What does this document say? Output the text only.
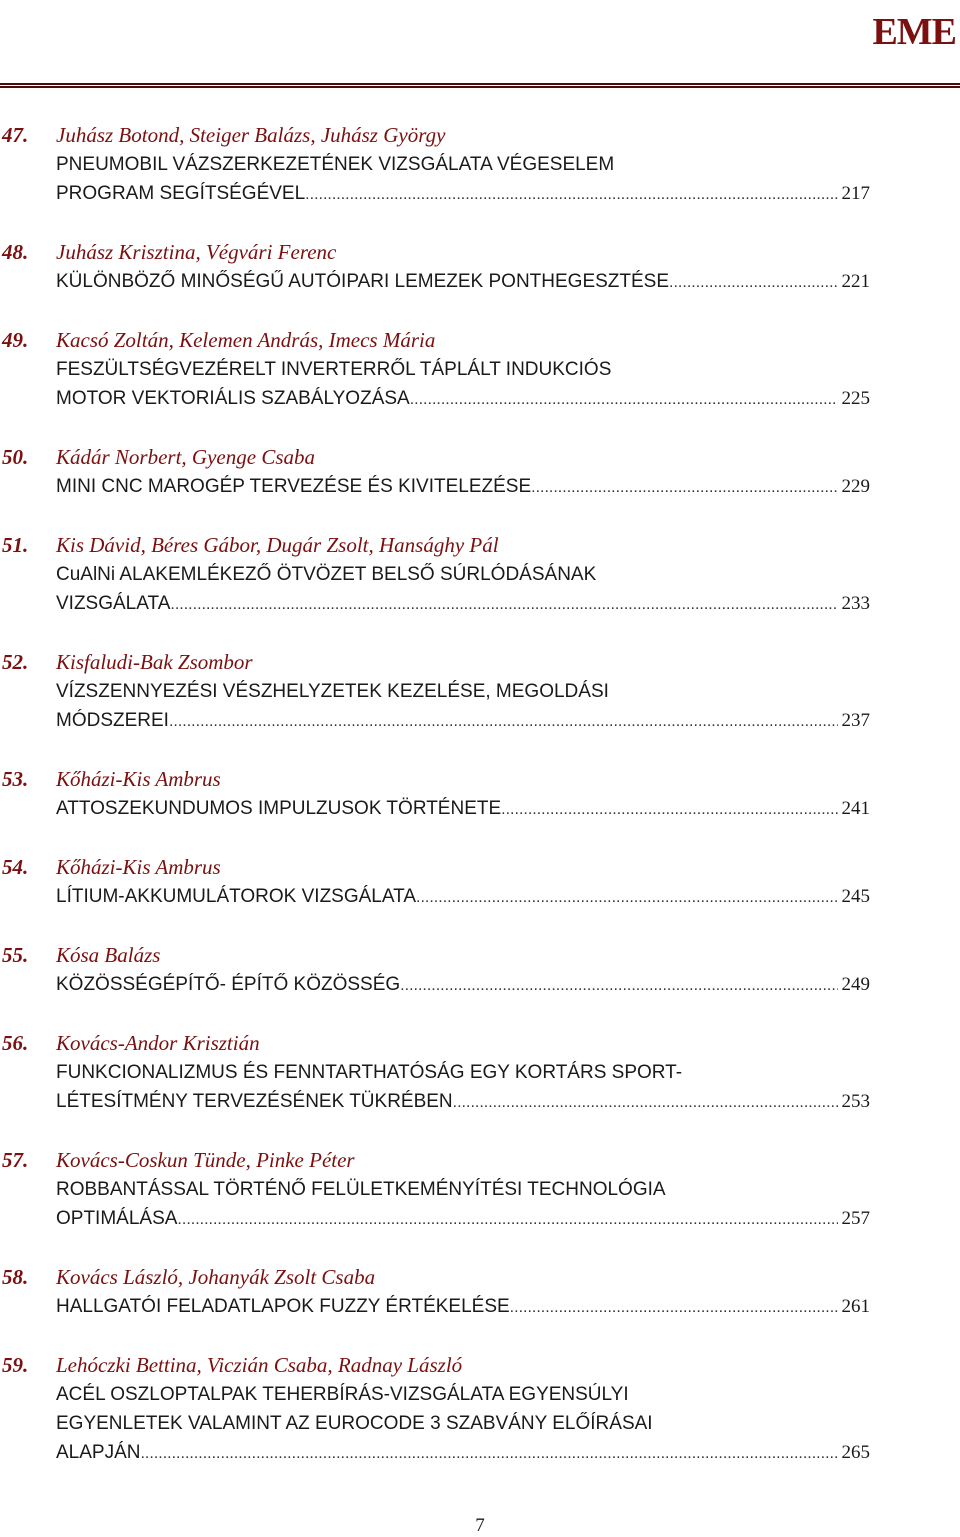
EME
47. Juhász Botond, Steiger Balázs, Juhász György
PNEUMOBIL VÁZSZERKEZETÉNEK VIZSGÁLATA VÉGESELEM
PROGRAM SEGÍTSÉGÉVEL .....	217
48. Juhász Krisztina, Végvári Ferenc
KÜLÖNBÖZŐ MINŐSÉGŰ AUTÓIPARI LEMEZEK PONTHEGESZTÉSE .....	221
49. Kacsó Zoltán, Kelemen András, Imecs Mária
FESZÜLTSÉGVEZÉRELT INVERTERRŐL TÁPLÁLT INDUKCIÓS
MOTOR VEKTORIÁLIS SZABÁLYOZÁSA .....	225
50. Kádár Norbert, Gyenge Csaba
MINI CNC MAROGÉP TERVEZÉSE ÉS KIVITELEZÉSE .....	229
51. Kis Dávid, Béres Gábor, Dugár Zsolt, Hansághy Pál
CuAlNi ALAKEMLÉKEZŐ ÖTVÖZET BELSŐ SÚRLÓDÁSÁNAK
VIZSGÁLATA .....	233
52. Kisfaludi-Bak Zsombor
VÍZSZENNYEZÉSI VÉSZHELYZETEK KEZELÉSE, MEGOLDÁSI
MÓDSZEREI .....	237
53. Kőházi-Kis Ambrus
ATTOSZEKUNDUMOS IMPULZUSOK TÖRTÉNETE .....	241
54. Kőházi-Kis Ambrus
LÍTIUM-AKKUMULÁTOROK VIZSGÁLATA .....	245
55. Kósa Balázs
KÖZÖSSÉGÉPÍTŐ- ÉPÍTŐ KÖZÖSSÉG .....	249
56. Kovács-Andor Krisztián
FUNKCIONALIZMUS ÉS FENNTARTHATÓSÁG EGY KORTÁRS SPORT-
LÉTESÍTMÉNY TERVEZÉSÉNEK TÜKRÉBEN .....	253
57. Kovács-Coskun Tünde, Pinke Péter
ROBBANTÁSSAL TÖRTÉNŐ FELÜLETKEMÉNYÍTÉSI TECHNOLÓGIA
OPTIMÁLÁSA .....	257
58. Kovács László, Johanyák Zsolt Csaba
HALLGATÓI FELADATLAPOK FUZZY ÉRTÉKELÉSE .....	261
59. Lehóczki Bettina, Viczián Csaba, Radnay László
ACÉL OSZLOPTALPAK TEHERBÍRÁS-VIZSGÁLATA EGYENSÚLYI
EGYENLETEK VALAMINT AZ EUROCODE 3 SZABVÁNY ELŐÍRÁSAI
ALAPJÁN .....	265
7
